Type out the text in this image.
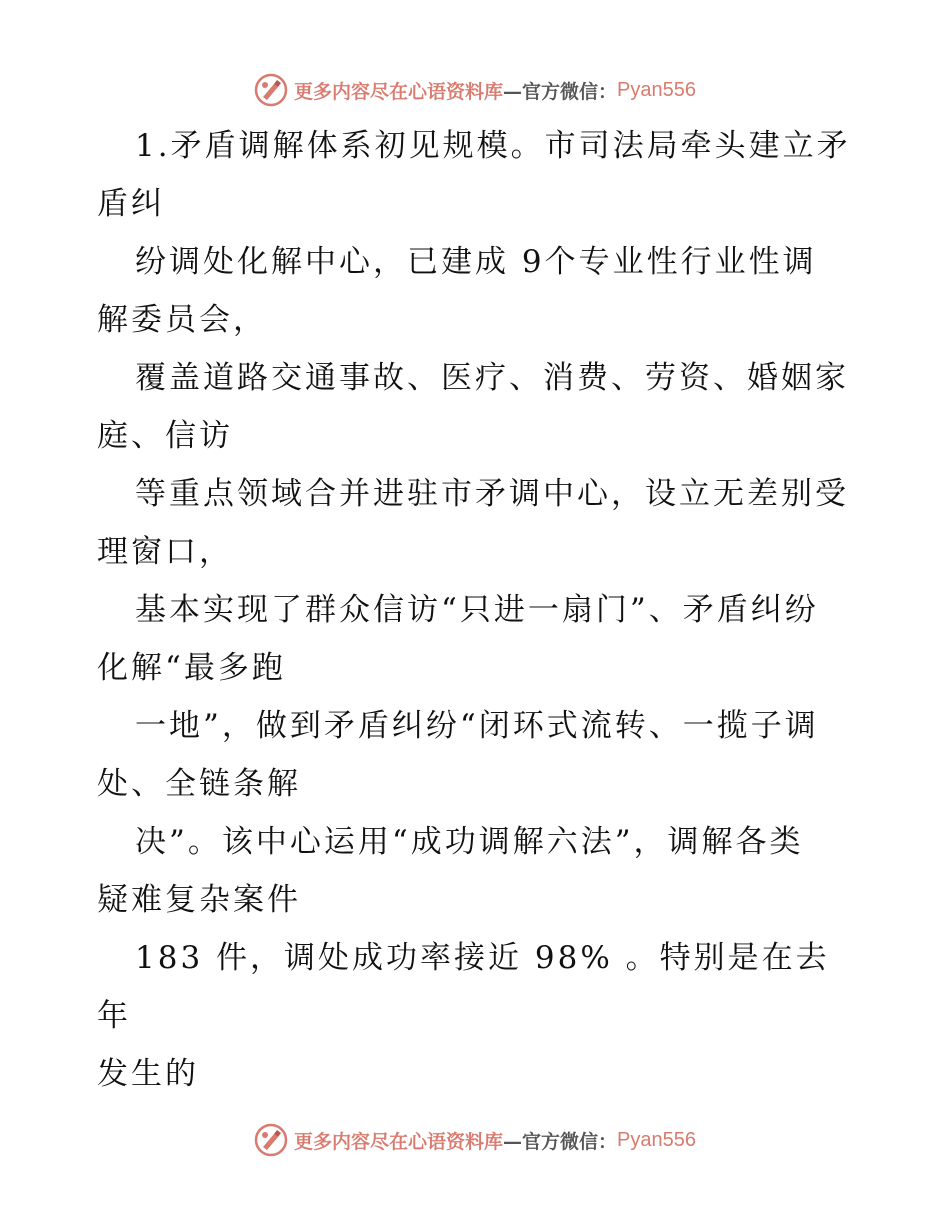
更多内容尽在心语资料库—官方微信： Pyan556
1.矛盾调解体系初见规模。市司法局牵头建立矛
盾纠
纷调处化解中心，已建成 9个专业性行业性调
解委员会，
覆盖道路交通事故、医疗、消费、劳资、婚姻家
庭、信访
等重点领域合并进驻市矛调中心，设立无差别受
理窗口，
基本实现了群众信访“只进一扇门”、矛盾纠纷
化解“最多跑
一地”，做到矛盾纠纷“闭环式流转、一揽子调
处、全链条解
决”。该中心运用“成功调解六法”，调解各类
疑难复杂案件
183 件，调处成功率接近 98% 。特别是在去年
发生的
更多内容尽在心语资料库—官方微信： Pyan556
